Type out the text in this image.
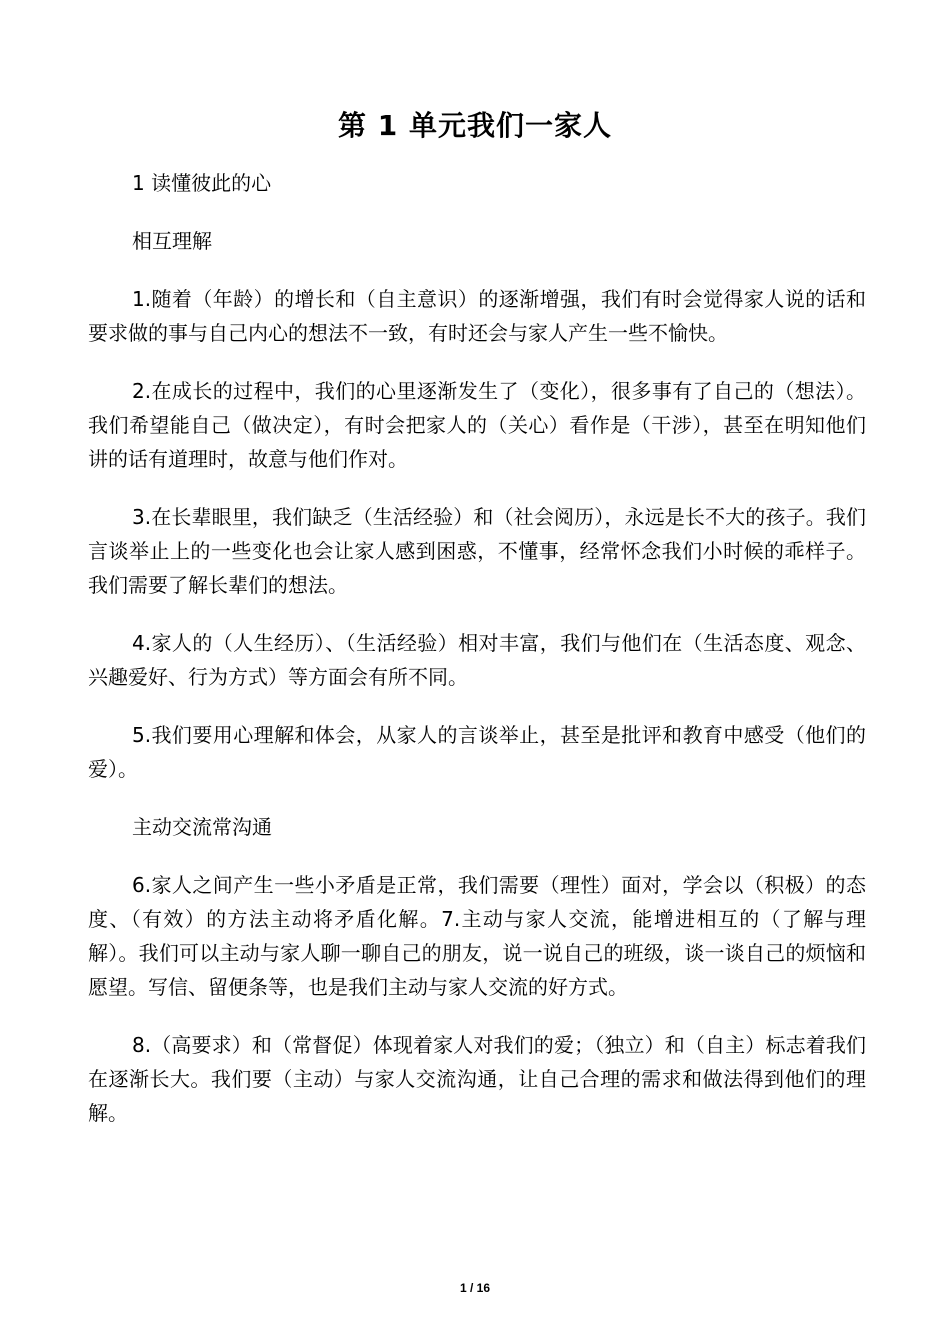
第 1 单元我们一家人

1 读懂彼此的心

相互理解

1.随着（年龄）的增长和（自主意识）的逐渐增强，我们有时会觉得家人说的话和要求做的事与自己内心的想法不一致，有时还会与家人产生一些不愉快。

2.在成长的过程中，我们的心里逐渐发生了（变化），很多事有了自己的（想法）。我们希望能自己（做决定），有时会把家人的（关心）看作是（干涉），甚至在明知他们讲的话有道理时，故意与他们作对。

3.在长辈眼里，我们缺乏（生活经验）和（社会阅历），永远是长不大的孩子。我们言谈举止上的一些变化也会让家人感到困惑，不懂事，经常怀念我们小时候的乖样子。我们需要了解长辈们的想法。

4.家人的（人生经历）、（生活经验）相对丰富，我们与他们在（生活态度、观念、兴趣爱好、行为方式）等方面会有所不同。

5.我们要用心理解和体会，从家人的言谈举止，甚至是批评和教育中感受（他们的爱）。

主动交流常沟通

6.家人之间产生一些小矛盾是正常，我们需要（理性）面对，学会以（积极）的态度、（有效）的方法主动将矛盾化解。7.主动与家人交流，能增进相互的（了解与理解）。我们可以主动与家人聊一聊自己的朋友，说一说自己的班级，谈一谈自己的烦恼和愿望。写信、留便条等，也是我们主动与家人交流的好方式。

8.（高要求）和（常督促）体现着家人对我们的爱；（独立）和（自主）标志着我们在逐渐长大。我们要（主动）与家人交流沟通，让自己合理的需求和做法得到他们的理解。

1 / 16
